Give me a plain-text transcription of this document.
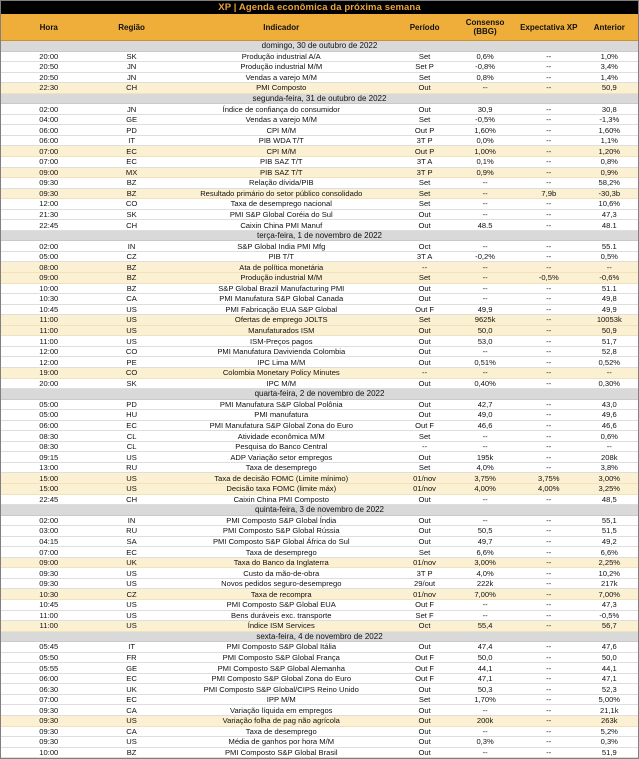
XP | Agenda econômica da próxima semana
Hora	Região	Indicador	Período	Consenso (BBG)	Expectativa XP	Anterior
domingo, 30 de outubro de 2022
20:00	SK	Produção industrial A/A	Set	0,6%	--	1,0%
20:50	JN	Produção industrial M/M	Set P	-0,8%	--	3,4%
20:50	JN	Vendas a varejo M/M	Set	0,8%	--	1,4%
22:30	CH	PMI Composto	Out	--	--	50,9
segunda-feira, 31 de outubro de 2022
02:00	JN	Índice de confiança do consumidor	Out	30,9	--	30,8
04:00	GE	Vendas a varejo M/M	Set	-0,5%	--	-1,3%
06:00	PD	CPI M/M	Out P	1,60%	--	1,60%
06:00	IT	PIB WDA T/T	3T P	0,0%	--	1,1%
07:00	EC	CPI M/M	Out P	1,00%	--	1,20%
07:00	EC	PIB SAZ T/T	3T A	0,1%	--	0,8%
09:00	MX	PIB SAZ T/T	3T P	0,9%	--	0,9%
09:30	BZ	Relação dívida/PIB	Set	--	--	58,2%
09:30	BZ	Resultado primário do setor público consolidado	Set	--	7,9b	-30,3b
12:00	CO	Taxa de desemprego nacional	Set	--	--	10,6%
21:30	SK	PMI S&P Global Coréia do Sul	Out	--	--	47,3
22:45	CH	Caixin China PMI Manuf	Out	48.5	--	48.1
terça-feira, 1 de novembro de 2022
02:00	IN	S&P Global India PMI Mfg	Oct	--	--	55.1
05:00	CZ	PIB T/T	3T A	-0,2%	--	0,5%
08:00	BZ	Ata de política monetária	--	--	--	--
09:00	BZ	Produção industrial M/M	Set	--	-0,5%	-0,6%
10:00	BZ	S&P Global Brazil Manufacturing PMI	Out	--	--	51.1
10:30	CA	PMI Manufatura S&P Global Canada	Out	--	--	49,8
10:45	US	PMI Fabricação EUA S&P Global	Out F	49,9	--	49,9
11:00	US	Ofertas de emprego JOLTS	Set	9625k	--	10053k
11:00	US	Manufaturados ISM	Out	50,0	--	50,9
11:00	US	ISM-Preços pagos	Out	53,0	--	51,7
12:00	CO	PMI Manufatura Davivienda Colombia	Out	--	--	52,8
12:00	PE	IPC Lima M/M	Out	0,51%	--	0,52%
19:00	CO	Colombia Monetary Policy Minutes	--	--	--	--
20:00	SK	IPC M/M	Out	0,40%	--	0,30%
quarta-feira, 2 de novembro de 2022
05:00	PD	PMI Manufatura S&P Global Polônia	Out	42,7	--	43,0
05:00	HU	PMI manufatura	Out	49,0	--	49,6
06:00	EC	PMI Manufatura S&P Global Zona do Euro	Out F	46,6	--	46,6
08:30	CL	Atividade econômica M/M	Set	--	--	0,6%
08:30	CL	Pesquisa do Banco Central	--	--	--	--
09:15	US	ADP Variação setor empregos	Out	195k	--	208k
13:00	RU	Taxa de desemprego	Set	4,0%	--	3,8%
15:00	US	Taxa de decisão FOMC (Limite mínimo)	01/nov	3,75%	3,75%	3,00%
15:00	US	Decisão taxa FOMC (limite máx)	01/nov	4,00%	4,00%	3,25%
22:45	CH	Caixin China PMI Composto	Out	--	--	48,5
quinta-feira, 3 de novembro de 2022
02:00	IN	PMI Composto S&P Global Índia	Out	--	--	55,1
03:00	RU	PMI Composto S&P Global Rússia	Out	50,5	--	51,5
04:15	SA	PMI Composto S&P Global África do Sul	Out	49,7	--	49,2
07:00	EC	Taxa de desemprego	Set	6,6%	--	6,6%
09:00	UK	Taxa do Banco da Inglaterra	01/nov	3,00%	--	2,25%
09:30	US	Custo da mão-de-obra	3T P	4,0%	--	10,2%
09:30	US	Novos pedidos seguro-desemprego	29/out	222k	--	217k
10:30	CZ	Taxa de recompra	01/nov	7,00%	--	7,00%
10:45	US	PMI Composto S&P Global EUA	Out F	--	--	47,3
11:00	US	Bens duráveis exc. transporte	Set F	--	--	-0,5%
11:00	US	Índice ISM Services	Oct	55,4	--	56,7
sexta-feira, 4 de novembro de 2022
05:45	IT	PMI Composto S&P Global Itália	Out	47,4	--	47,6
05:50	FR	PMI Composto S&P Global França	Out F	50,0	--	50,0
05:55	GE	PMI Composto S&P Global Alemanha	Out F	44,1	--	44,1
06:00	EC	PMI Composto S&P Global Zona do Euro	Out F	47,1	--	47,1
06:30	UK	PMI Composto S&P Global/CIPS Reino Unido	Out	50,3	--	52,3
07:00	EC	IPP M/M	Set	1,70%	--	5,00%
09:30	CA	Variação líquida em empregos	Out	--	--	21,1k
09:30	US	Variação folha de pag não agrícola	Out	200k	--	263k
09:30	CA	Taxa de desemprego	Out	--	--	5,2%
09:30	US	Média de ganhos por hora M/M	Out	0,3%	--	0,3%
10:00	BZ	PMI Composto S&P Global Brasil	Out	--	--	51,9
